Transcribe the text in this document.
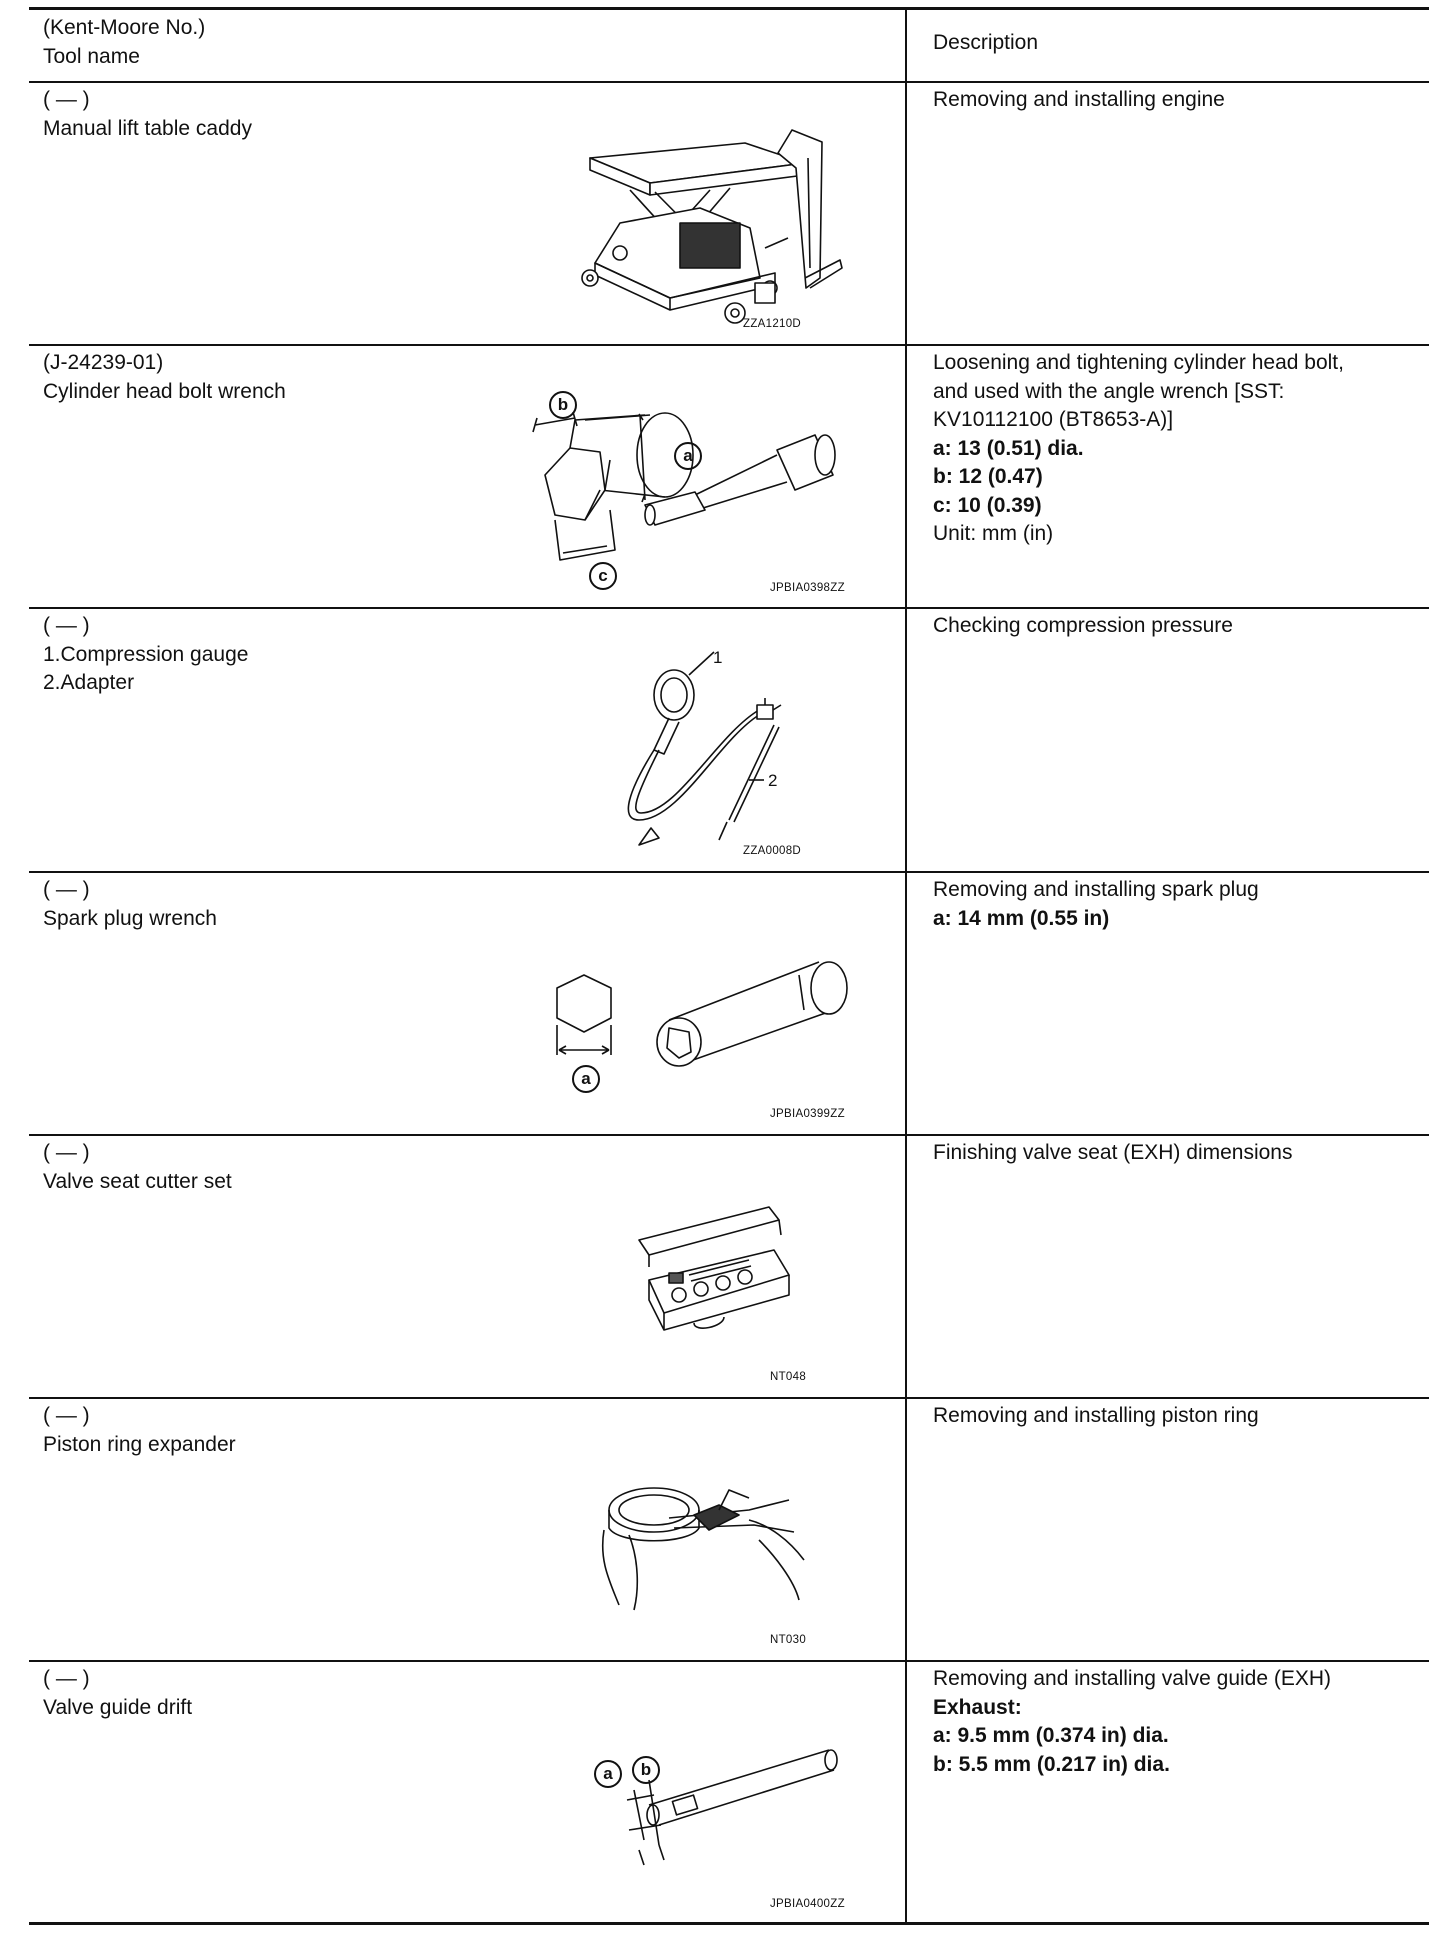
(Kent-Moore No.)
Tool name
Description
( — )
Manual lift table caddy
Removing and installing engine
ZZA1210D
(J-24239-01)
Cylinder head bolt wrench
Loosening and tightening cylinder head bolt,
and used with the angle wrench [SST:
KV10112100 (BT8653-A)]
a: 13 (0.51) dia.
b: 12 (0.47)
c: 10 (0.39)
Unit: mm (in)
JPBIA0398ZZ
b
a
c
( — )
1.Compression gauge
2.Adapter
Checking compression pressure
1
2
ZZA0008D
( — )
Spark plug wrench
Removing and installing spark plug
a: 14 mm (0.55 in)
a
JPBIA0399ZZ
( — )
Valve seat cutter set
Finishing valve seat (EXH) dimensions
NT048
( — )
Piston ring expander
Removing and installing piston ring
NT030
( — )
Valve guide drift
Removing and installing valve guide (EXH)
Exhaust:
a: 9.5 mm (0.374 in) dia.
b: 5.5 mm (0.217 in) dia.
a	b
JPBIA0400ZZ
